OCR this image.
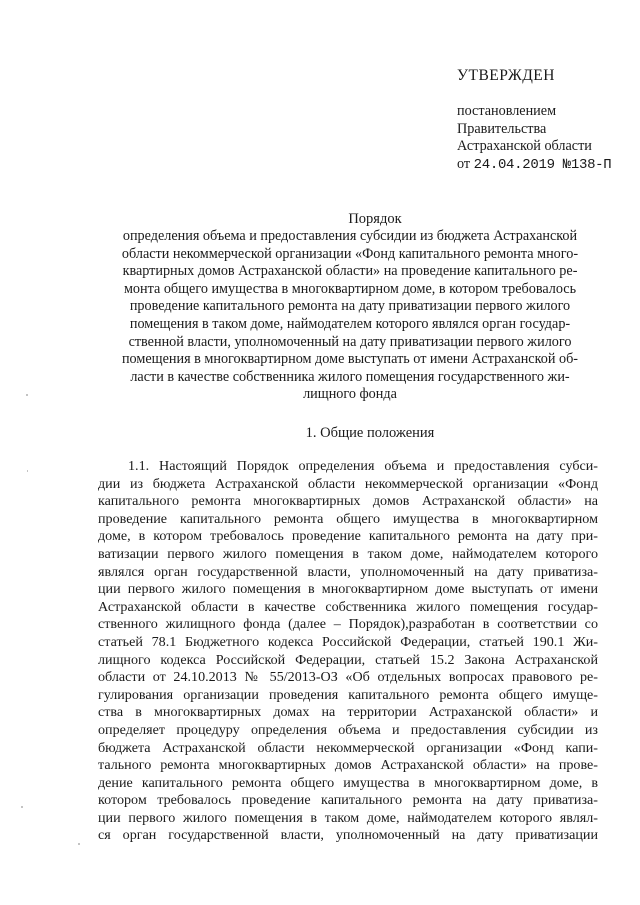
УТВЕРЖДЕН

постановлением

Правительства

Астраханской области

от 24.04.2019 №138-П

Порядок

определения объема и предоставления субсидии из бюджета Астраханской

области некоммерческой организации «Фонд капитального ремонта много-

квартирных домов Астраханской области» на проведение капитального ре-

монта общего имущества в многоквартирном доме, в котором требовалось

проведение капитального ремонта на дату приватизации первого жилого

помещения в таком доме, наймодателем которого являлся орган государ-

ственной власти, уполномоченный на дату приватизации первого жилого

помещения в многоквартирном доме выступать от имени Астраханской об-

ласти в качестве собственника жилого помещения государственного жи-

лищного фонда

1. Общие положения

1.1. Настоящий Порядок определения объема и предоставления субси-
дии из бюджета Астраханской области некоммерческой организации «Фонд
капитального ремонта многоквартирных домов Астраханской области» на
проведение капитального ремонта общего имущества в многоквартирном
доме, в котором требовалось проведение капитального ремонта на дату при-
ватизации первого жилого помещения в таком доме, наймодателем которого
являлся орган государственной власти, уполномоченный на дату приватиза-
ции первого жилого помещения в многоквартирном доме выступать от имени
Астраханской области в качестве собственника жилого помещения государ-
ственного жилищного фонда (далее – Порядок),разработан в соответствии со
статьей 78.1 Бюджетного кодекса Российской Федерации, статьей 190.1 Жи-
лищного кодекса Российской Федерации, статьей 15.2 Закона Астраханской
области от 24.10.2013 № 55/2013-ОЗ «Об отдельных вопросах правового ре-
гулирования организации проведения капитального ремонта общего имуще-
ства в многоквартирных домах на территории Астраханской области» и
определяет процедуру определения объема и предоставления субсидии из
бюджета Астраханской области некоммерческой организации «Фонд капи-
тального ремонта многоквартирных домов Астраханской области» на прове-
дение капитального ремонта общего имущества в многоквартирном доме, в
котором требовалось проведение капитального ремонта на дату приватиза-
ции первого жилого помещения в таком доме, наймодателем которого являл-
ся орган государственной власти, уполномоченный на дату приватизации
